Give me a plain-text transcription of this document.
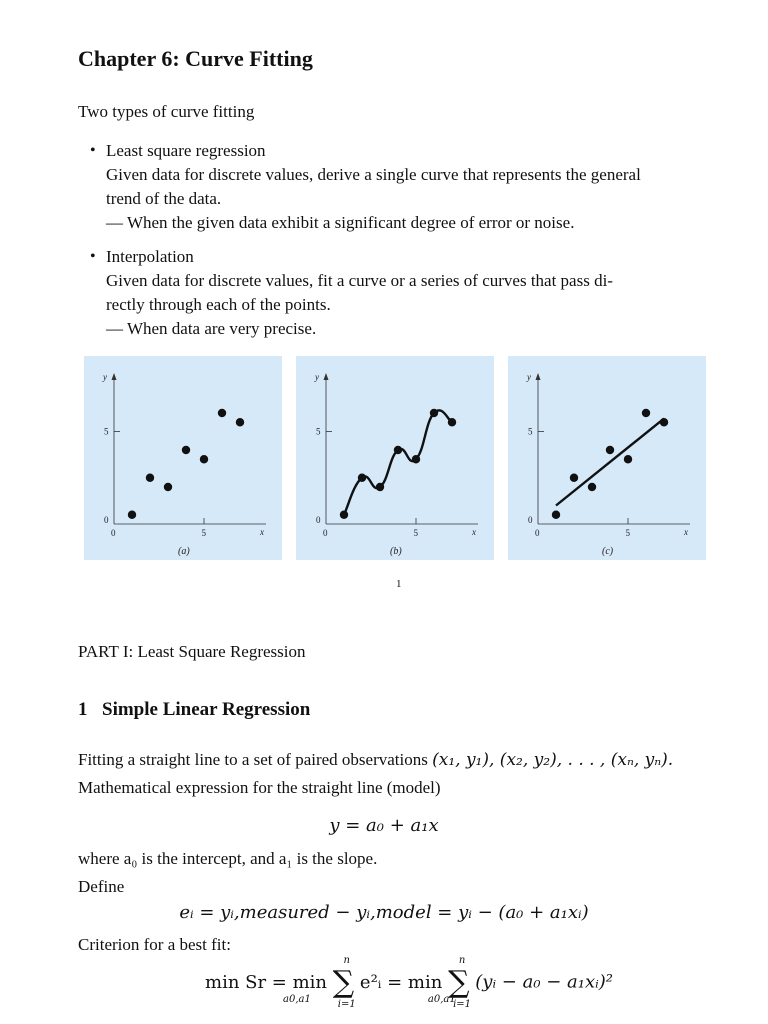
Chapter 6: Curve Fitting
Two types of curve fitting
• Least square regression
Given data for discrete values, derive a single curve that represents the general
trend of the data.
— When the given data exhibit a significant degree of error or noise.
• Interpolation
Given data for discrete values, fit a curve or a series of curves that pass di-
rectly through each of the points.
— When data are very precise.
5
0
0	5
y
x
(a)
5
0
0	5
y
x
(b)
5
0
0	5
y
x
(c)
1
PART I: Least Square Regression
1 Simple Linear Regression
Fitting a straight line to a set of paired observations (x₁, y₁), (x₂, y₂), . . . , (xₙ, yₙ).
Mathematical expression for the straight line (model)
y = a₀ + a₁x
where a₀ is the intercept, and a₁ is the slope.
Define
eᵢ = yᵢ,measured − yᵢ,model = yᵢ − (a₀ + a₁xᵢ)
Criterion for a best fit:
min Sr = min
a0,a1 ∑
n
i=1
e²ᵢ = min
a0,a1
∑
n
i=1
(yᵢ − a₀ − a₁xᵢ)²
